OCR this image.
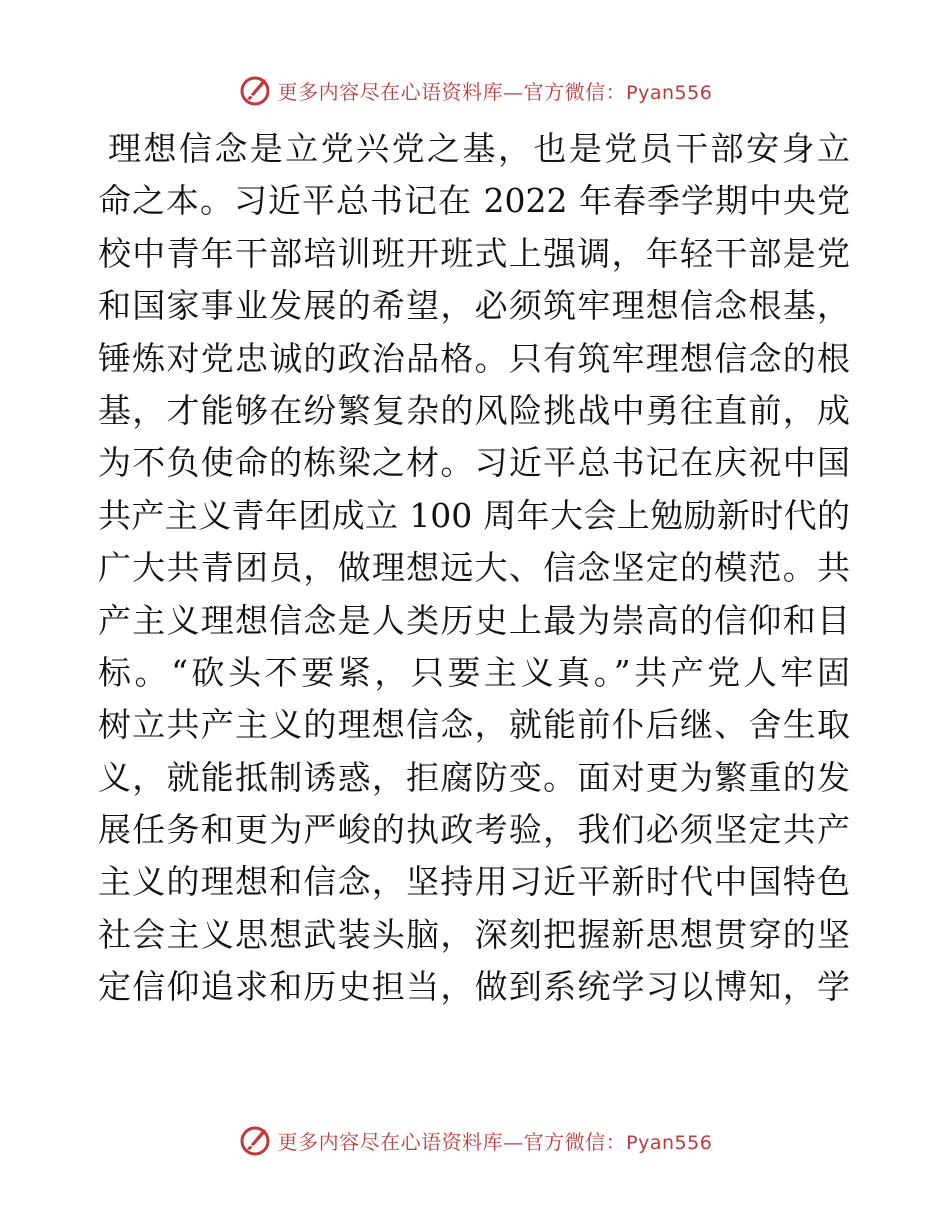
更多内容尽在心语资料库—官方微信：Pyan556
理想信念是立党兴党之基，也是党员干部安身立
命之本。习近平总书记在 2022 年春季学期中央党
校中青年干部培训班开班式上强调，年轻干部是党
和国家事业发展的希望，必须筑牢理想信念根基，
锤炼对党忠诚的政治品格。只有筑牢理想信念的根
基，才能够在纷繁复杂的风险挑战中勇往直前，成
为不负使命的栋梁之材。习近平总书记在庆祝中国
共产主义青年团成立 100 周年大会上勉励新时代的
广大共青团员，做理想远大、信念坚定的模范。共
产主义理想信念是人类历史上最为崇高的信仰和目
标。“砍头不要紧，只要主义真。”共产党人牢固
树立共产主义的理想信念，就能前仆后继、舍生取
义，就能抵制诱惑，拒腐防变。面对更为繁重的发
展任务和更为严峻的执政考验，我们必须坚定共产
主义的理想和信念，坚持用习近平新时代中国特色
社会主义思想武装头脑，深刻把握新思想贯穿的坚
定信仰追求和历史担当，做到系统学习以博知，学
更多内容尽在心语资料库—官方微信：Pyan556
